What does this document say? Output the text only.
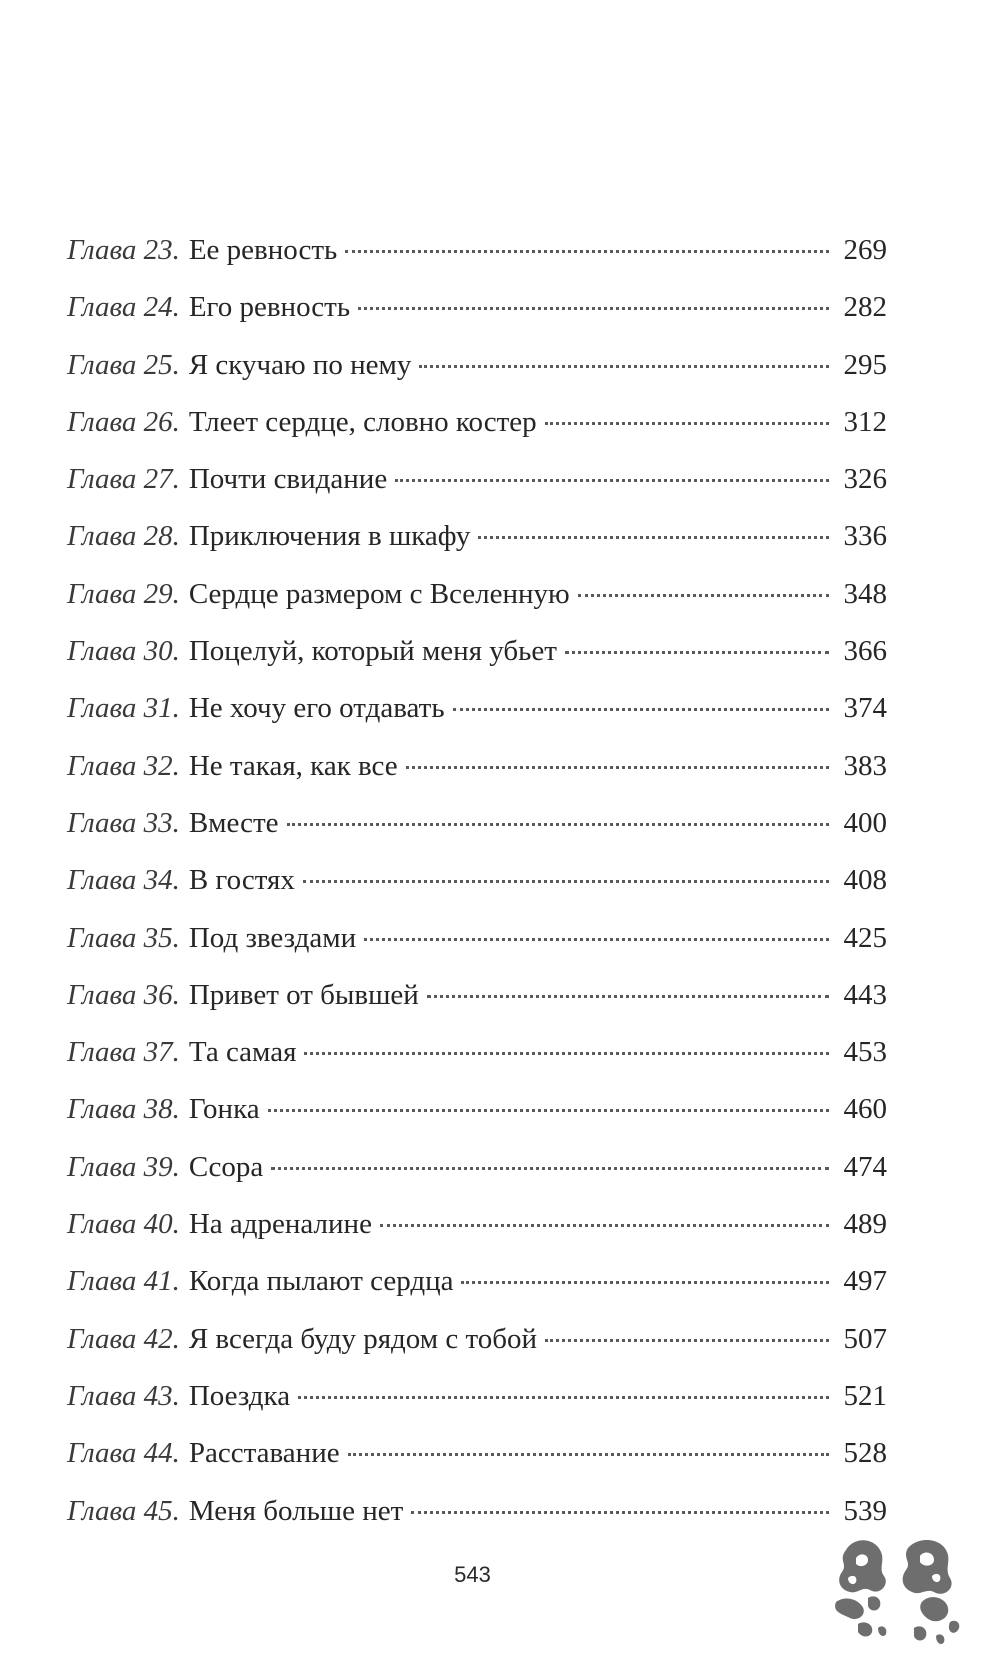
Глава 23. Ее ревность	269
Глава 24. Его ревность	282
Глава 25. Я скучаю по нему	295
Глава 26. Тлеет сердце, словно костер	312
Глава 27. Почти свидание	326
Глава 28. Приключения в шкафу	336
Глава 29. Сердце размером с Вселенную	348
Глава 30. Поцелуй, который меня убьет	366
Глава 31. Не хочу его отдавать	374
Глава 32. Не такая, как все	383
Глава 33. Вместе	400
Глава 34. В гостях	408
Глава 35. Под звездами	425
Глава 36. Привет от бывшей	443
Глава 37. Та самая	453
Глава 38. Гонка	460
Глава 39. Ссора	474
Глава 40. На адреналине	489
Глава 41. Когда пылают сердца	497
Глава 42. Я всегда буду рядом с тобой	507
Глава 43. Поездка	521
Глава 44. Расставание	528
Глава 45. Меня больше нет	539
543
